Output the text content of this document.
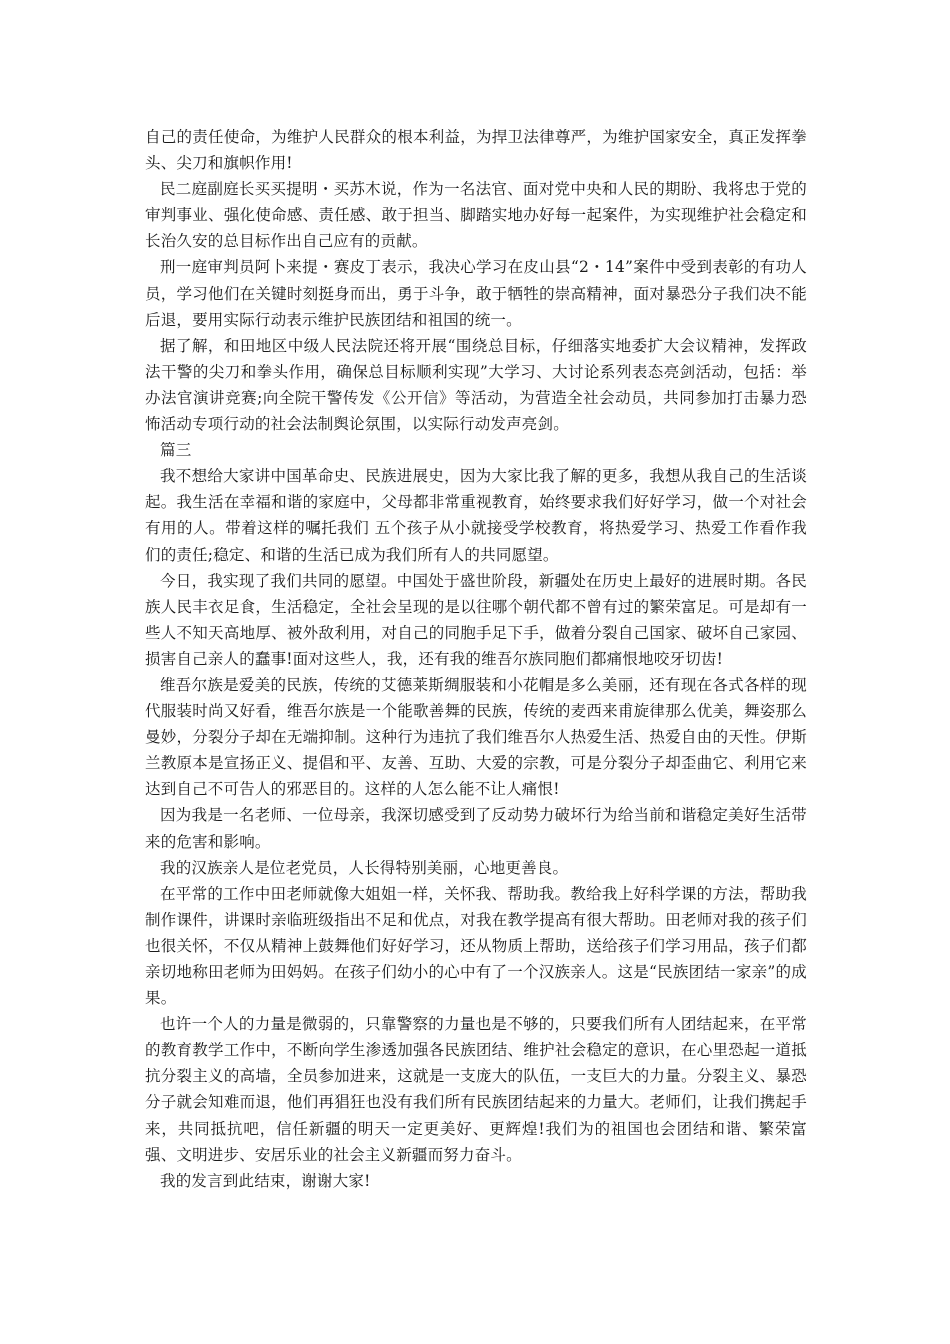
自己的责任使命，为维护人民群众的根本利益，为捍卫法律尊严，为维护国家安全，真正发挥拳头、尖刀和旗帜作用!

民二庭副庭长买买提明・买苏木说，作为一名法官、面对党中央和人民的期盼、我将忠于党的审判事业、强化使命感、责任感、敢于担当、脚踏实地办好每一起案件，为实现维护社会稳定和长治久安的总目标作出自己应有的贡献。

刑一庭审判员阿卜来提・赛皮丁表示，我决心学习在皮山县“2・14”案件中受到表彰的有功人员，学习他们在关键时刻挺身而出，勇于斗争，敢于牺牲的崇高精神，面对暴恐分子我们决不能后退，要用实际行动表示维护民族团结和祖国的统一。

据了解，和田地区中级人民法院还将开展“围绕总目标，仔细落实地委扩大会议精神，发挥政法干警的尖刀和拳头作用，确保总目标顺利实现”大学习、大讨论系列表态亮剑活动，包括：举办法官演讲竞赛;向全院干警传发《公开信》等活动，为营造全社会动员，共同参加打击暴力恐怖活动专项行动的社会法制舆论氛围，以实际行动发声亮剑。

篇三

我不想给大家讲中国革命史、民族进展史，因为大家比我了解的更多，我想从我自己的生活谈起。我生活在幸福和谐的家庭中，父母都非常重视教育，始终要求我们好好学习，做一个对社会有用的人。带着这样的嘱托我们 五个孩子从小就接受学校教育，将热爱学习、热爱工作看作我们的责任;稳定、和谐的生活已成为我们所有人的共同愿望。

今日，我实现了我们共同的愿望。中国处于盛世阶段，新疆处在历史上最好的进展时期。各民族人民丰衣足食，生活稳定，全社会呈现的是以往哪个朝代都不曾有过的繁荣富足。可是却有一些人不知天高地厚、被外敌利用，对自己的同胞手足下手，做着分裂自己国家、破坏自己家园、损害自己亲人的蠢事!面对这些人，我，还有我的维吾尔族同胞们都痛恨地咬牙切齿!

维吾尔族是爱美的民族，传统的艾德莱斯绸服装和小花帽是多么美丽，还有现在各式各样的现代服装时尚又好看，维吾尔族是一个能歌善舞的民族，传统的麦西来甫旋律那么优美，舞姿那么曼妙，分裂分子却在无端抑制。这种行为违抗了我们维吾尔人热爱生活、热爱自由的天性。伊斯兰教原本是宣扬正义、提倡和平、友善、互助、大爱的宗教，可是分裂分子却歪曲它、利用它来达到自己不可告人的邪恶目的。这样的人怎么能不让人痛恨!

因为我是一名老师、一位母亲，我深切感受到了反动势力破坏行为给当前和谐稳定美好生活带来的危害和影响。

我的汉族亲人是位老党员，人长得特别美丽，心地更善良。

在平常的工作中田老师就像大姐姐一样，关怀我、帮助我。教给我上好科学课的方法，帮助我制作课件，讲课时亲临班级指出不足和优点，对我在教学提高有很大帮助。田老师对我的孩子们也很关怀，不仅从精神上鼓舞他们好好学习，还从物质上帮助，送给孩子们学习用品，孩子们都亲切地称田老师为田妈妈。在孩子们幼小的心中有了一个汉族亲人。这是“民族团结一家亲”的成果。

也许一个人的力量是微弱的，只靠警察的力量也是不够的，只要我们所有人团结起来，在平常的教育教学工作中，不断向学生渗透加强各民族团结、维护社会稳定的意识，在心里恐起一道抵抗分裂主义的高墙，全员参加进来，这就是一支庞大的队伍，一支巨大的力量。分裂主义、暴恐分子就会知难而退，他们再猖狂也没有我们所有民族团结起来的力量大。老师们，让我们携起手来，共同抵抗吧，信任新疆的明天一定更美好、更辉煌!我们为的祖国也会团结和谐、繁荣富强、文明进步、安居乐业的社会主义新疆而努力奋斗。

我的发言到此结束，谢谢大家!
